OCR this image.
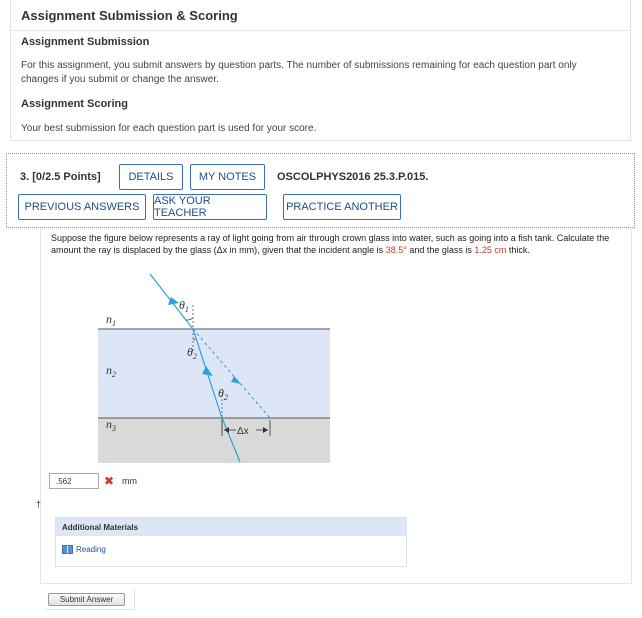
Assignment Submission & Scoring
Assignment Submission
For this assignment, you submit answers by question parts. The number of submissions remaining for each question part only changes if you submit or change the answer.
Assignment Scoring
Your best submission for each question part is used for your score.
3. [0/2.5 Points]	DETAILS	MY NOTES	OSCOLPHYS2016 25.3.P.015.
PREVIOUS ANSWERS	ASK YOUR TEACHER	PRACTICE ANOTHER
Suppose the figure below represents a ray of light going from air through crown glass into water, such as going into a fish tank. Calculate the amount the ray is displaced by the glass (Δx in mm), given that the incident angle is 38.5° and the glass is 1.25 cm thick.
$n_1$
$n_2$
$n_3$
$\theta_1$
$\theta_2$
$\theta_2$
Δx
.562	✖ mm
†
Additional Materials
Reading
Submit Answer
